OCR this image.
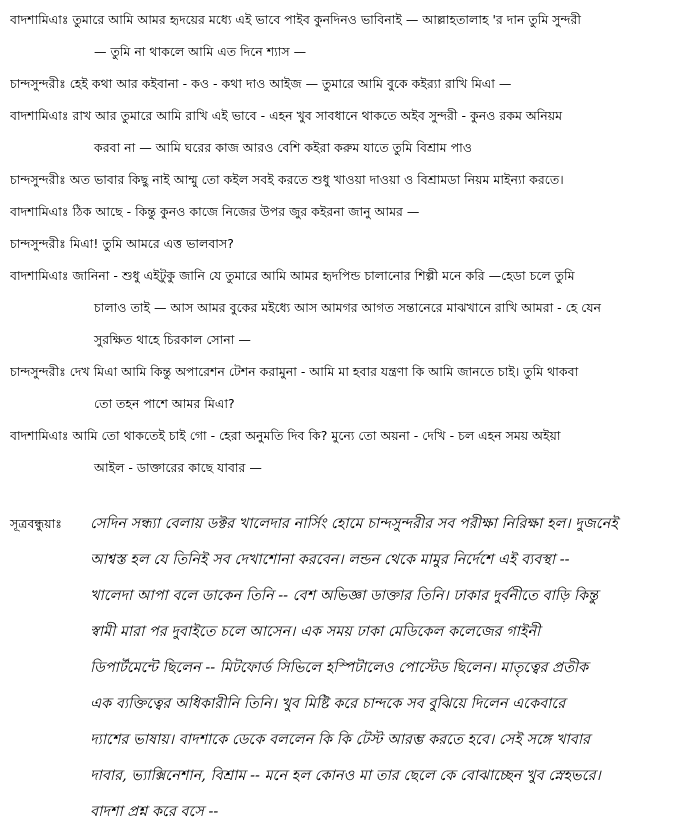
বাদশামিএাঃ তুমারে আমি আমর হৃদয়ের মধ্যে এই ভাবে পাইব কুনদিনও ভাবিনাই — আল্লাহতালাহ 'র দান তুমি সুন্দরী
— তুমি না থাকলে আমি এত দিনে শ্যাস —
চান্দসুন্দরীঃ হেই কথা আর কইবানা - কও - কথা দাও আইজ — তুমারে আমি বুকে কইর‍্যা রাখি মিএা —
বাদশামিএাঃ রাখ আর তুমারে আমি রাখি এই ভাবে - এহন খুব সাবধানে থাকতে অইব সুন্দরী - কুনও রকম অনিয়ম
করবা না — আমি ঘরের কাজ আরও বেশি কইরা করুম যাতে তুমি বিশ্রাম পাও
চান্দসুন্দরীঃ অত ভাবার কিছু নাই আম্মু তো কইল সবই করতে শুধু খাওয়া দাওয়া ও বিশ্রামডা নিয়ম মাইন্যা করতে।
বাদশামিএাঃ ঠিক আছে - কিন্তু কুনও কাজে নিজের উপর জুর কইরনা জানু আমর —
চান্দসুন্দরীঃ মিএা! তুমি আমরে এত্ত ভালবাস?
বাদশামিএাঃ জানিনা - শুধু এইটুকু জানি যে তুমারে আমি আমর হৃদপিন্ড চালানোর শিল্পী মনে করি —হেডা চলে তুমি
চালাও তাই — আস আমর বুকের মইধ্যে আস আমগর আগত সন্তানেরে মাঝখানে রাখি আমরা - হে যেন
সুরক্ষিত থাহে চিরকাল সোনা —
চান্দসুন্দরীঃ দেখ মিএা আমি কিন্তু অপারেশন টেশন করামুনা - আমি মা হবার যন্ত্রণা কি আমি জানতে চাই। তুমি থাকবা
তো তহন পাশে আমর মিএা?
বাদশামিএাঃ আমি তো থাকতেই চাই গো - হেরা অনুমতি দিব কি? মুন্যে তো অয়না - দেখি - চল এহন সময় অইয়া
আইল - ডাক্তারের কাছে যাবার —
সূত্রবন্ধুয়াঃ সেদিন সন্ধ্যা বেলায় ডক্টর খালেদার নার্সিং হোমে চান্দসুন্দরীর সব পরীক্ষা নিরিক্ষা হল। দুজনেই
আশ্বস্ত হল যে তিনিই সব দেখাশোনা করবেন। লন্ডন থেকে মামুর নির্দেশে এই ব্যবস্থা --
খালেদা আপা বলে ডাকেন তিনি -- বেশ অভিজ্ঞা ডাক্তার তিনি। ঢাকার দুর্বনীতে বাড়ি কিন্তু
স্বামী মারা পর দুবাইতে চলে আসেন। এক সময় ঢাকা মেডিকেল কলেজের গাইনী
ডিপার্টমেন্টে ছিলেন -- মিটফোর্ড সিভিলে হস্পিটালেও পোস্টেড ছিলেন। মাতৃত্বের প্রতীক
এক ব্যক্তিত্বের অধিকারীনি তিনি। খুব মিষ্টি করে চান্দকে সব বুঝিয়ে দিলেন একেবারে
দ্যাশের ভাষায়। বাদশাকে ডেকে বললেন কি কি টেস্ট আরম্ভ করতে হবে। সেই সঙ্গে খাবার
দাবার, ভ্যাক্সিনেশান, বিশ্রাম -- মনে হল কোনও মা তার ছেলে কে বোঝাচ্ছেন খুব স্নেহভরে।
বাদশা প্রশ্ন করে বসে --
